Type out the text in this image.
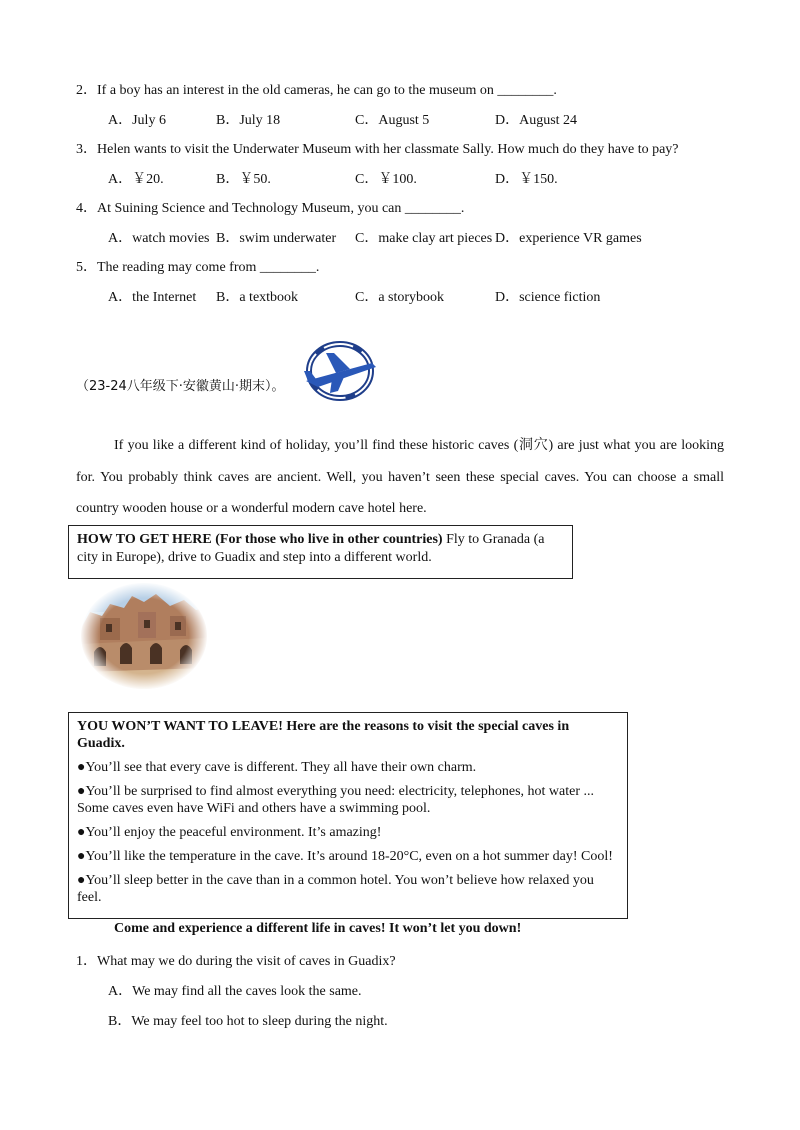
2．If a boy has an interest in the old cameras, he can go to the museum on ________.
A．July 6	B．July 18	C．August 5	D．August 24
3．Helen wants to visit the Underwater Museum with her classmate Sally. How much do they have to pay?
A．￥20.	B．￥50.	C．￥100.	D．￥150.
4．At Suining Science and Technology Museum, you can ________.
A．watch movies B．swim underwater C．make clay art pieces D．experience VR games
5．The reading may come from ________.
A．the Internet B．a textbook	C．a storybook	D．science fiction
（23-24八年级下·安徽黄山·期末）。
If you like a different kind of holiday, you’ll find these historic caves (洞穴) are just what you are looking for. You probably think caves are ancient. Well, you haven’t seen these special caves. You can choose a small country wooden house or a wonderful modern cave hotel here.
HOW TO GET HERE (For those who live in other countries) Fly to Granada (a city in Europe), drive to Guadix and step into a different world.

YOU WON’T WANT TO LEAVE! Here are the reasons to visit the special caves in Guadix.

●You’ll see that every cave is different. They all have their own charm.

●You’ll be surprised to find almost everything you need: electricity, telephones, hot water ... Some caves even have WiFi and others have a swimming pool.

●You’ll enjoy the peaceful environment. It’s amazing!

●You’ll like the temperature in the cave. It’s around 18-20°C, even on a hot summer day! Cool!

●You’ll sleep better in the cave than in a common hotel. You won’t believe how relaxed you feel.

Come and experience a different life in caves! It won’t let you down!
1．What may we do during the visit of caves in Guadix?
A．We may find all the caves look the same.
B．We may feel too hot to sleep during the night.
